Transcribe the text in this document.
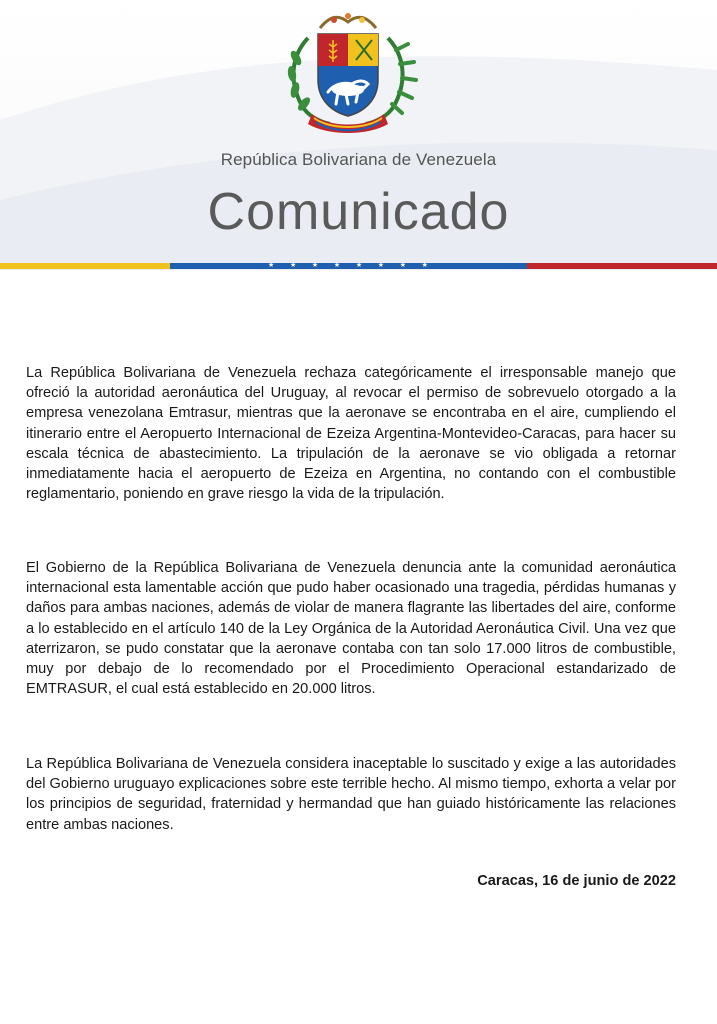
República Bolivariana de Venezuela
Comunicado
★ ★ ★ ★ ★ ★ ★ ★

La República Bolivariana de Venezuela rechaza categóricamente el irresponsable manejo que ofreció la autoridad aeronáutica del Uruguay, al revocar el permiso de sobrevuelo otorgado a la empresa venezolana Emtrasur, mientras que la aeronave se encontraba en el aire, cumpliendo el itinerario entre el Aeropuerto Internacional de Ezeiza Argentina-Montevideo-Caracas, para hacer su escala técnica de abastecimiento. La tripulación de la aeronave se vio obligada a retornar inmediatamente hacia el aeropuerto de Ezeiza en Argentina, no contando con el combustible reglamentario, poniendo en grave riesgo la vida de la tripulación.

El Gobierno de la República Bolivariana de Venezuela denuncia ante la comunidad aeronáutica internacional esta lamentable acción que pudo haber ocasionado una tragedia, pérdidas humanas y daños para ambas naciones, además de violar de manera flagrante las libertades del aire, conforme a lo establecido en el artículo 140 de la Ley Orgánica de la Autoridad Aeronáutica Civil. Una vez que aterrizaron, se pudo constatar que la aeronave contaba con tan solo 17.000 litros de combustible, muy por debajo de lo recomendado por el Procedimiento Operacional estandarizado de EMTRASUR, el cual está establecido en 20.000 litros.

La República Bolivariana de Venezuela considera inaceptable lo suscitado y exige a las autoridades del Gobierno uruguayo explicaciones sobre este terrible hecho. Al mismo tiempo, exhorta a velar por los principios de seguridad, fraternidad y hermandad que han guiado históricamente las relaciones entre ambas naciones.

Caracas, 16 de junio de 2022
